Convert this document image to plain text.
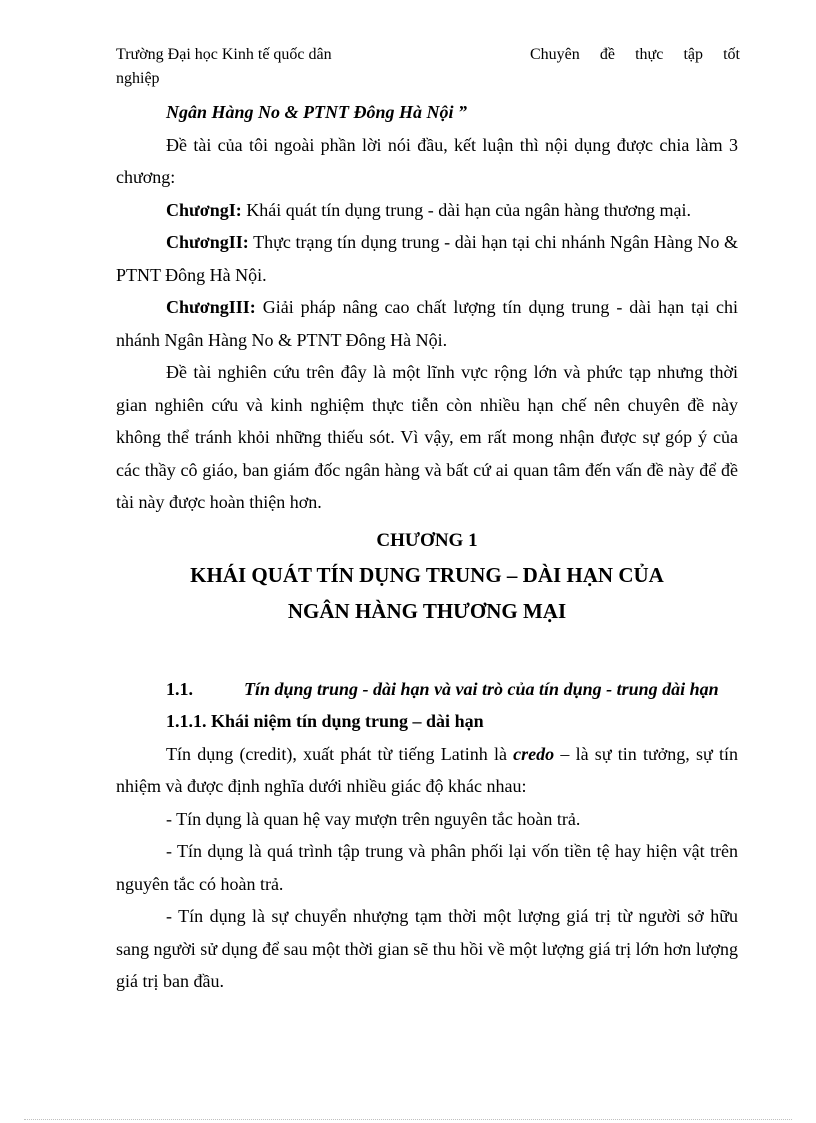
Trường Đại học Kinh tế quốc dân	Chuyên đề thực tập tốt
nghiệp

Ngân Hàng No & PTNT Đông Hà Nội ”

Đề tài của tôi ngoài phần lời nói đầu, kết luận thì nội dụng được chia làm 3 chương:

ChươngI: Khái quát tín dụng trung - dài hạn của ngân hàng thương mại.

ChươngII: Thực trạng tín dụng trung - dài hạn tại chi nhánh Ngân Hàng No & PTNT Đông Hà Nội.

ChươngIII: Giải pháp nâng cao chất lượng tín dụng trung - dài hạn tại chi nhánh Ngân Hàng No & PTNT Đông Hà Nội.

Đề tài nghiên cứu trên đây là một lĩnh vực rộng lớn và phức tạp nhưng thời gian nghiên cứu và kinh nghiệm thực tiễn còn nhiều hạn chế nên chuyên đề này không thể tránh khỏi những thiếu sót. Vì vậy, em rất mong nhận được sự góp ý của các thầy cô giáo, ban giám đốc ngân hàng và bất cứ ai quan tâm đến vấn đề này để đề tài này được hoàn thiện hơn.

CHƯƠNG 1

KHÁI QUÁT TÍN DỤNG TRUNG – DÀI HẠN CỦA

NGÂN HÀNG THƯƠNG MẠI

1.1.	Tín dụng trung - dài hạn và vai trò của tín dụng - trung dài hạn

1.1.1. Khái niệm tín dụng trung – dài hạn

Tín dụng (credit), xuất phát từ tiếng Latinh là credo – là sự tin tưởng, sự tín nhiệm và được định nghĩa dưới nhiều giác độ khác nhau:

- Tín dụng là quan hệ vay mượn trên nguyên tắc hoàn trả.

- Tín dụng là quá trình tập trung và phân phối lại vốn tiền tệ hay hiện vật trên nguyên tắc có hoàn trả.

- Tín dụng là sự chuyển nhượng tạm thời một lượng giá trị từ người sở hữu sang người sử dụng để sau một thời gian sẽ thu hồi về một lượng giá trị lớn hơn lượng giá trị ban đầu.
